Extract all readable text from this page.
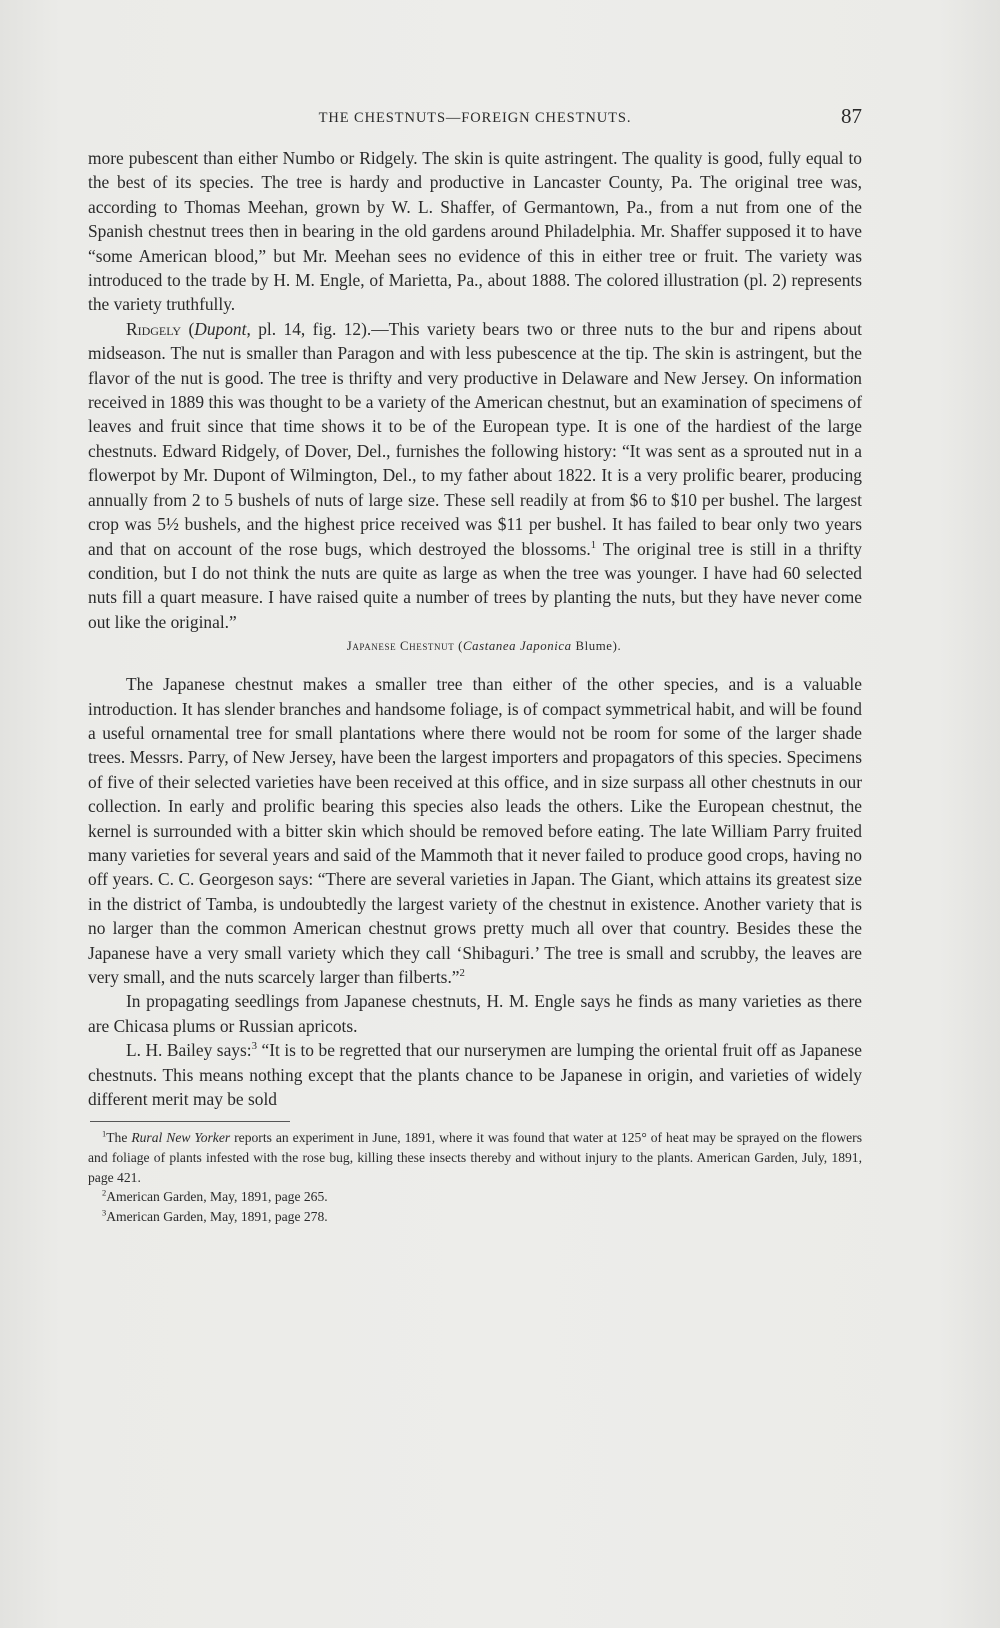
THE CHESTNUTS—FOREIGN CHESTNUTS.	87

more pubescent than either Numbo or Ridgely. The skin is quite astringent. The quality is good, fully equal to the best of its species. The tree is hardy and productive in Lancaster County, Pa. The original tree was, according to Thomas Meehan, grown by W. L. Shaffer, of Germantown, Pa., from a nut from one of the Spanish chestnut trees then in bearing in the old gardens around Philadelphia. Mr. Shaffer supposed it to have “some American blood,” but Mr. Meehan sees no evidence of this in either tree or fruit. The variety was introduced to the trade by H. M. Engle, of Marietta, Pa., about 1888. The colored illustration (pl. 2) represents the variety truthfully.

Ridgely (Dupont, pl. 14, fig. 12).—This variety bears two or three nuts to the bur and ripens about midseason. The nut is smaller than Paragon and with less pubescence at the tip. The skin is astringent, but the flavor of the nut is good. The tree is thrifty and very productive in Delaware and New Jersey. On information received in 1889 this was thought to be a variety of the American chestnut, but an examination of specimens of leaves and fruit since that time shows it to be of the European type. It is one of the hardiest of the large chestnuts. Edward Ridgely, of Dover, Del., furnishes the following history: “It was sent as a sprouted nut in a flowerpot by Mr. Dupont of Wilmington, Del., to my father about 1822. It is a very prolific bearer, producing annually from 2 to 5 bushels of nuts of large size. These sell readily at from $6 to $10 per bushel. The largest crop was 5½ bushels, and the highest price received was $11 per bushel. It has failed to bear only two years and that on account of the rose bugs, which destroyed the blossoms.$^1$ The original tree is still in a thrifty condition, but I do not think the nuts are quite as large as when the tree was younger. I have had 60 selected nuts fill a quart measure. I have raised quite a number of trees by planting the nuts, but they have never come out like the original.”

Japanese Chestnut (Castanea Japonica Blume).

The Japanese chestnut makes a smaller tree than either of the other species, and is a valuable introduction. It has slender branches and handsome foliage, is of compact symmetrical habit, and will be found a useful ornamental tree for small plantations where there would not be room for some of the larger shade trees. Messrs. Parry, of New Jersey, have been the largest importers and propagators of this species. Specimens of five of their selected varieties have been received at this office, and in size surpass all other chestnuts in our collection. In early and prolific bearing this species also leads the others. Like the European chestnut, the kernel is surrounded with a bitter skin which should be removed before eating. The late William Parry fruited many varieties for several years and said of the Mammoth that it never failed to produce good crops, having no off years. C. C. Georgeson says: “There are several varieties in Japan. The Giant, which attains its greatest size in the district of Tamba, is undoubtedly the largest variety of the chestnut in existence. Another variety that is no larger than the common American chestnut grows pretty much all over that country. Besides these the Japanese have a very small variety which they call ‘Shibaguri.’ The tree is small and scrubby, the leaves are very small, and the nuts scarcely larger than filberts.”$^2$

In propagating seedlings from Japanese chestnuts, H. M. Engle says he finds as many varieties as there are Chicasa plums or Russian apricots.

L. H. Bailey says:$^3$ “It is to be regretted that our nurserymen are lumping the oriental fruit off as Japanese chestnuts. This means nothing except that the plants chance to be Japanese in origin, and varieties of widely different merit may be sold

$^1$The Rural New Yorker reports an experiment in June, 1891, where it was found that water at 125° of heat may be sprayed on the flowers and foliage of plants infested with the rose bug, killing these insects thereby and without injury to the plants. American Garden, July, 1891, page 421.

$^2$American Garden, May, 1891, page 265.

$^3$American Garden, May, 1891, page 278.
